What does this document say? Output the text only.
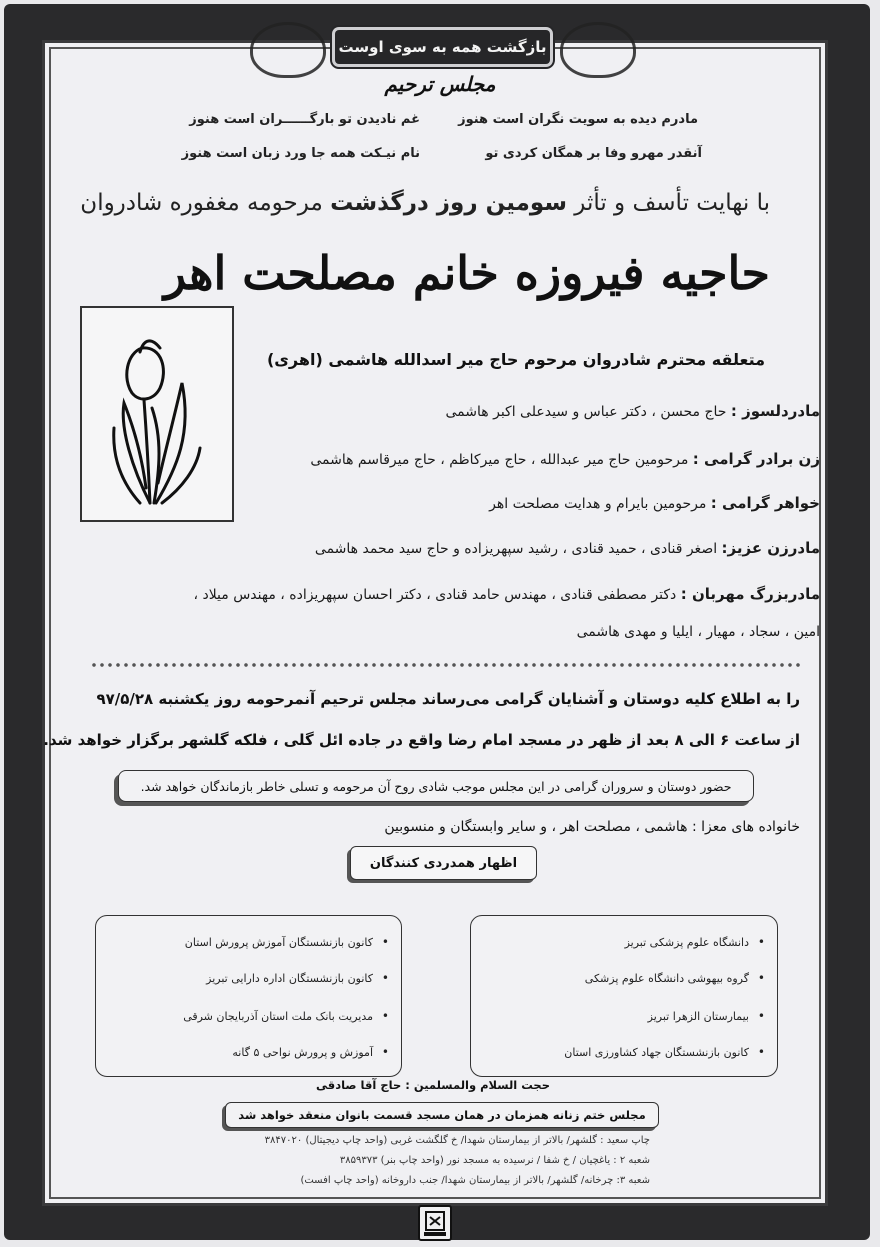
بازگشت همه به سوی اوست
مجلس ترحیم
مادرم دیده به سویت نگران است هنوز
غم نادیدن تو بارگــــــران است هنوز
آنقدر مهرو وفا بر همگان کردی تو
نام نیـکت همه جا ورد زبان است هنوز
با نهایت تأسف و تأثر سومین روز درگذشت مرحومه مغفوره شادروان
حاجیه فیروزه خانم مصلحت اهر
متعلقه محترم شادروان مرحوم حاج میر اسدالله هاشمی (اهری)
مادردلسوز : حاج محسن ، دکتر عباس و سیدعلی اکبر هاشمی
زن برادر گرامی : مرحومین حاج میر عبدالله ، حاج میرکاظم ، حاج میرقاسم هاشمی
خواهر گرامی : مرحومین بایرام و هدایت مصلحت اهر
مادرزن عزیز: اصغر قنادی ، حمید قنادی ، رشید سپهریزاده و حاج سید محمد هاشمی
مادربزرگ مهربان : دکتر مصطفی قنادی ، مهندس حامد قنادی ، دکتر احسان سپهریزاده ، مهندس میلاد ،
امین ، سجاد ، مهیار ، ایلیا و مهدی هاشمی
را به اطلاع کلیه دوستان و آشنایان گرامی می‌رساند مجلس ترحیم آنمرحومه روز یکشنبه ۹۷/۵/۲۸
از ساعت ۶ الی ۸ بعد از ظهر در مسجد امام رضا واقع در جاده ائل گلی ، فلکه گلشهر برگزار خواهد شد.
حضور دوستان و سروران گرامی در این مجلس موجب شادی روح آن مرحومه و تسلی خاطر بازماندگان خواهد شد.
خانواده های معزا : هاشمی ، مصلحت اهر ، و سایر وابستگان و منسوبین
اظهار همدردی کنندگان
دانشگاه علوم پزشکی تبریز •
گروه بیهوشی دانشگاه علوم پزشکی •
بیمارستان الزهرا تبریز •
کانون بازنشستگان جهاد کشاورزی استان •
کانون بازنشستگان آموزش پرورش استان •
کانون بازنشستگان اداره دارایی تبریز •
مدیریت بانک ملت استان آذربایجان شرقی •
آموزش و پرورش نواحی ۵ گانه •
حجت السلام والمسلمین : حاج آقا صادقی
مجلس ختم زنانه همزمان در همان مسجد قسمت بانوان منعقد خواهد شد
چاپ سعید : گلشهر/ بالاتر از بیمارستان شهدا/ خ گلگشت غربی (واحد چاپ دیجیتال) ۳۸۴۷۰۲۰
شعبه ۲ : یاغچیان / خ شفا / نرسیده به مسجد نور (واحد چاپ بنر) ۳۸۵۹۳۷۳
شعبه ۳: چرخانه/ گلشهر/ بالاتر از بیمارستان شهدا/ جنب داروخانه (واحد چاپ افست)
